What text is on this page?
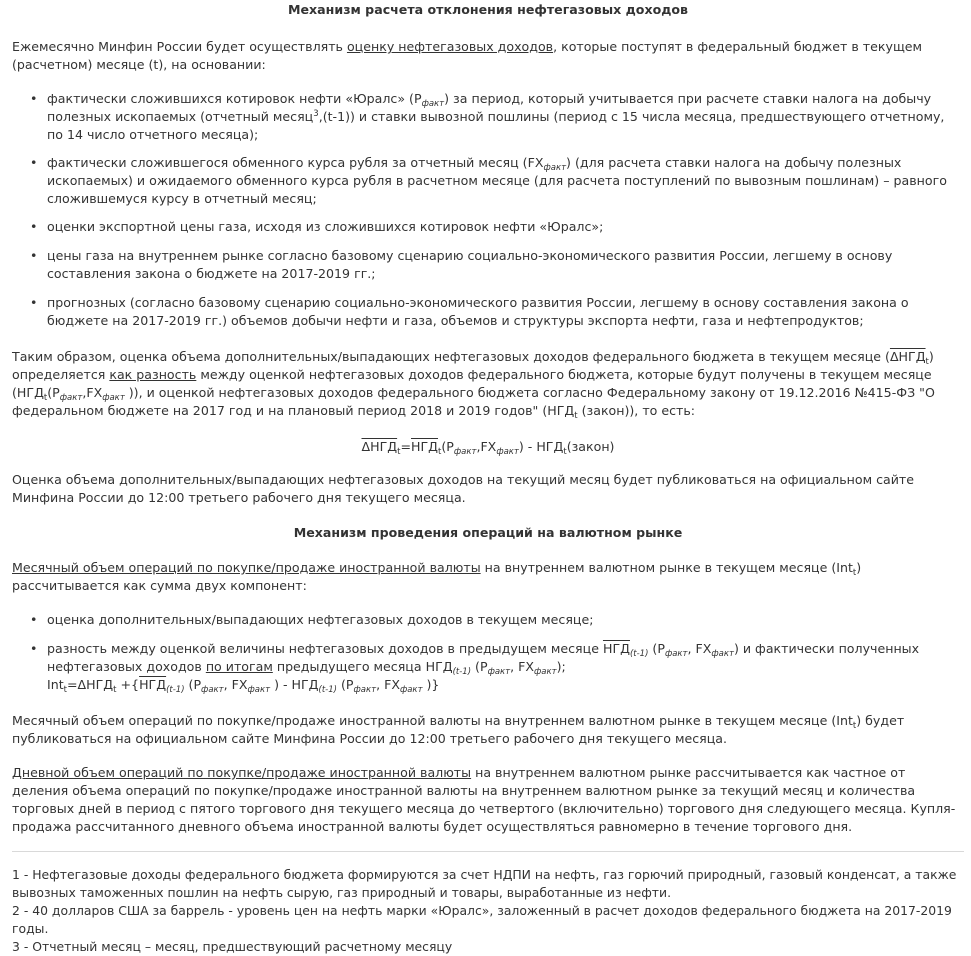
Механизм расчета отклонения нефтегазовых доходов

Ежемесячно Минфин России будет осуществлять оценку нефтегазовых доходов, которые поступят в федеральный бюджет в текущем (расчетном) месяце (t), на основании:

• фактически сложившихся котировок нефти «Юралс» $(P_{факт})$ за период, который учитывается при расчете ставки налога на добычу полезных ископаемых (отчетный месяц$^3$,(t-1)) и ставки вывозной пошлины (период с 15 числа месяца, предшествующего отчетному, по 14 число отчетного месяца);
• фактически сложившегося обменного курса рубля за отчетный месяц $(FX_{факт})$ (для расчета ставки налога на добычу полезных ископаемых) и ожидаемого обменного курса рубля в расчетном месяце (для расчета поступлений по вывозным пошлинам) – равного сложившемуся курсу в отчетный месяц;
• оценки экспортной цены газа, исходя из сложившихся котировок нефти «Юралс»;
• цены газа на внутреннем рынке согласно базовому сценарию социально-экономического развития России, легшему в основу составления закона о бюджете на 2017-2019 гг.;
• прогнозных (согласно базовому сценарию социально-экономического развития России, легшему в основу составления закона о бюджете на 2017-2019 гг.) объемов добычи нефти и газа, объемов и структуры экспорта нефти, газа и нефтепродуктов;

Таким образом, оценка объема дополнительных/выпадающих нефтегазовых доходов федерального бюджета в текущем месяце $(\Delta НГД_t)$ определяется как разность между оценкой нефтегазовых доходов федерального бюджета, которые будут получены в текущем месяце ($НГД_t(P_{факт},FX_{факт}$ )), и оценкой нефтегазовых доходов федерального бюджета согласно Федеральному закону от 19.12.2016 №415-ФЗ "О федеральном бюджете на 2017 год и на плановый период 2018 и 2019 годов" ($НГД_t$ (закон)), то есть:

$\Delta НГД_t=НГД_t(P_{факт},FX_{факт})$ - $НГД_t(закон)$

Оценка объема дополнительных/выпадающих нефтегазовых доходов на текущий месяц будет публиковаться на официальном сайте Минфина России до 12:00 третьего рабочего дня текущего месяца.

Механизм проведения операций на валютном рынке

Месячный объем операций по покупке/продаже иностранной валюты на внутреннем валютном рынке в текущем месяце (Int$_t$) рассчитывается как сумма двух компонент:

• оценка дополнительных/выпадающих нефтегазовых доходов в текущем месяце;
• разность между оценкой величины нефтегазовых доходов в предыдущем месяце $НГД_{(t-1)}$ ($P_{факт}$, $FX_{факт}$) и фактически полученных нефтегазовых доходов по итогам предыдущего месяца $НГД_{(t-1)}$ ($P_{факт}$, $FX_{факт}$);
$Int_t=\Delta НГД_t +\{НГД_{(t-1)}$ ($P_{факт}$, $FX_{факт}$ ) - $НГД_{(t-1)}$ ($P_{факт}$, $FX_{факт}$ )}

Месячный объем операций по покупке/продаже иностранной валюты на внутреннем валютном рынке в текущем месяце (Int$_t$) будет публиковаться на официальном сайте Минфина России до 12:00 третьего рабочего дня текущего месяца.

Дневной объем операций по покупке/продаже иностранной валюты на внутреннем валютном рынке рассчитывается как частное от деления объема операций по покупке/продаже иностранной валюты на внутреннем валютном рынке за текущий месяц и количества торговых дней в период с пятого торгового дня текущего месяца до четвертого (включительно) торгового дня следующего месяца. Купля-продажа рассчитанного дневного объема иностранной валюты будет осуществляться равномерно в течение торгового дня.

1 - Нефтегазовые доходы федерального бюджета формируются за счет НДПИ на нефть, газ горючий природный, газовый конденсат, а также вывозных таможенных пошлин на нефть сырую, газ природный и товары, выработанные из нефти.

2 - 40 долларов США за баррель - уровень цен на нефть марки «Юралс», заложенный в расчет доходов федерального бюджета на 2017-2019 годы.

3 - Отчетный месяц – месяц, предшествующий расчетному месяцу
